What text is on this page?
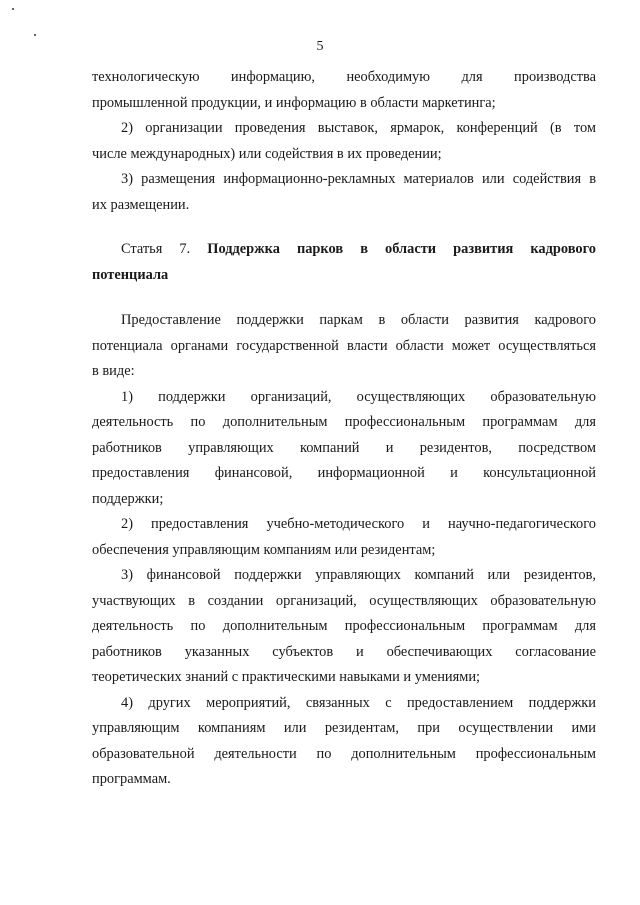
5

технологическую информацию, необходимую для производства

промышленной продукции, и информацию в области маркетинга;

2) организации проведения выставок, ярмарок, конференций (в том

числе международных) или содействия в их проведении;

3) размещения информационно-рекламных материалов или содействия в

их размещении.

Статья 7. Поддержка парков в области развития кадрового

потенциала

Предоставление поддержки паркам в области развития кадрового

потенциала органами государственной власти области может осуществляться

в виде:

1) поддержки организаций, осуществляющих образовательную

деятельность по дополнительным профессиональным программам для

работников управляющих компаний и резидентов, посредством

предоставления финансовой, информационной и консультационной

поддержки;

2) предоставления учебно-методического и научно-педагогического

обеспечения управляющим компаниям или резидентам;

3) финансовой поддержки управляющих компаний или резидентов,

участвующих в создании организаций, осуществляющих образовательную

деятельность по дополнительным профессиональным программам для

работников указанных субъектов и обеспечивающих согласование

теоретических знаний с практическими навыками и умениями;

4) других мероприятий, связанных с предоставлением поддержки

управляющим компаниям или резидентам, при осуществлении ими

образовательной деятельности по дополнительным профессиональным

программам.
